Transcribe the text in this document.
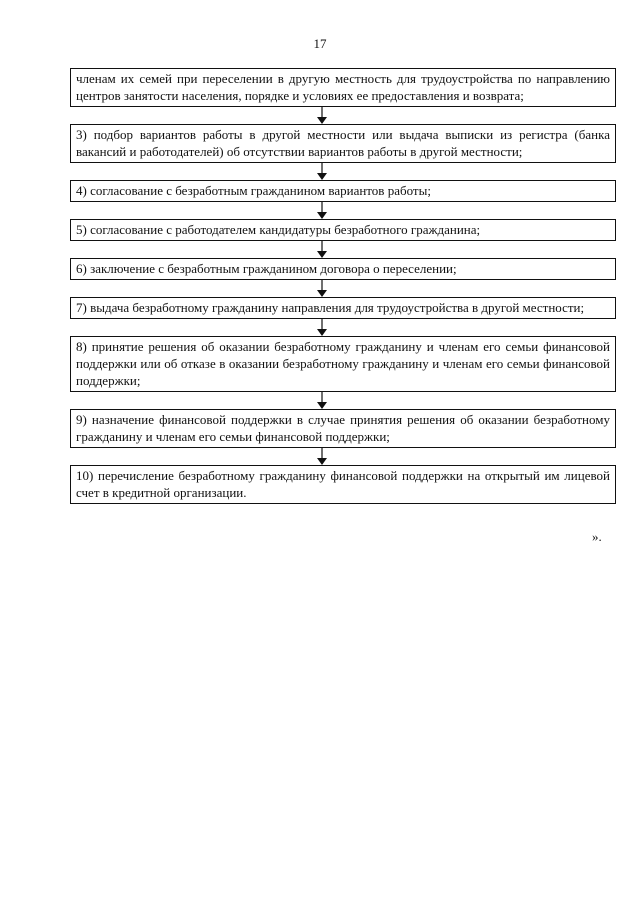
17
членам их семей при переселении в другую местность для трудоустройства по направлению центров занятости населения, порядке и условиях ее предоставления и возврата;
3) подбор вариантов работы в другой местности или выдача выписки из регистра (банка вакансий и работодателей) об отсутствии вариантов работы в другой местности;
4) согласование с безработным гражданином вариантов работы;
5) согласование с работодателем кандидатуры безработного гражданина;
6) заключение с безработным гражданином договора о переселении;
7) выдача безработному гражданину направления для трудоустройства в другой местности;
8) принятие решения об оказании безработному гражданину и членам его семьи финансовой поддержки или об отказе в оказании безработному гражданину и членам его семьи финансовой поддержки;
9) назначение финансовой поддержки в случае принятия решения об оказании безработному гражданину и членам его семьи финансовой поддержки;
10) перечисление безработному гражданину финансовой поддержки на открытый им лицевой счет в кредитной организации.
».
